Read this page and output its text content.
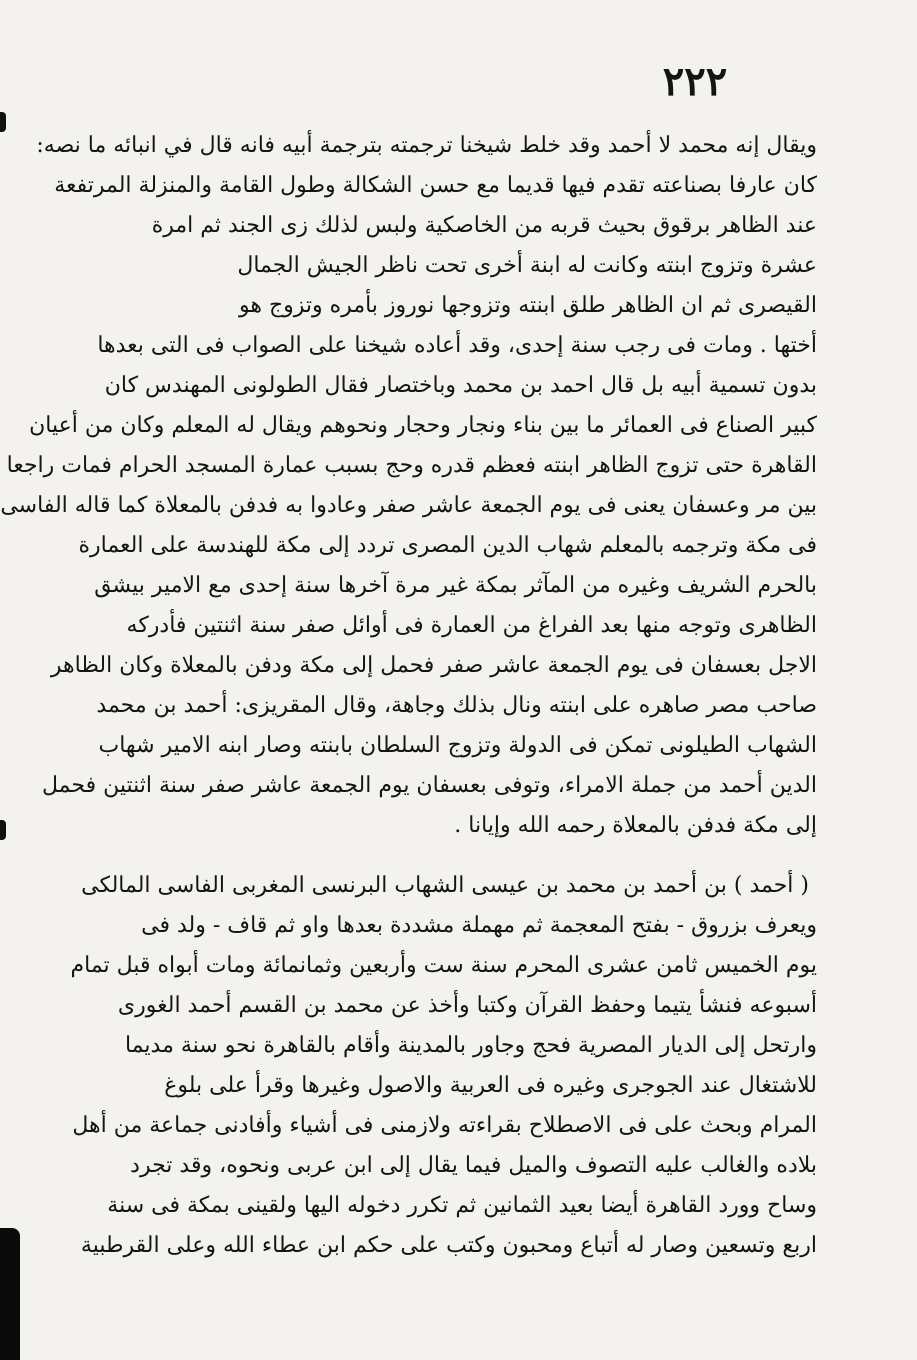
٢٢٢
ويقال إنه محمد لا أحمد وقد خلط شيخنا ترجمته بترجمة أبيه فانه قال في انبائه ما نصه:
كان عارفا بصناعته تقدم فيها قديما مع حسن الشكالة وطول القامة والمنزلة المرتفعة
عند الظاهر برقوق بحيث قربه من الخاصكية ولبس لذلك زى الجند ثم امرة
عشرة وتزوج ابنته وكانت له ابنة أخرى تحت ناظر الجيش الجمال
القيصرى ثم ان الظاهر طلق ابنته وتزوجها نوروز بأمره وتزوج هو
أختها . ومات فى رجب سنة إحدى، وقد أعاده شيخنا على الصواب فى التى بعدها
بدون تسمية أبيه بل قال احمد بن محمد وباختصار فقال الطولونى المهندس كان
كبير الصناع فى العمائر ما بين بناء ونجار وحجار ونحوهم ويقال له المعلم وكان من أعيان
القاهرة حتى تزوج الظاهر ابنته فعظم قدره وحج بسبب عمارة المسجد الحرام فمات راجعا
بين مر وعسفان يعنى فى يوم الجمعة عاشر صفر وعادوا به فدفن بالمعلاة كما قاله الفاسى
فى مكة وترجمه بالمعلم شهاب الدين المصرى تردد إلى مكة للهندسة على العمارة
بالحرم الشريف وغيره من المآثر بمكة غير مرة آخرها سنة إحدى مع الامير بيشق
الظاهرى وتوجه منها بعد الفراغ من العمارة فى أوائل صفر سنة اثنتين فأدركه
الاجل بعسفان فى يوم الجمعة عاشر صفر فحمل إلى مكة ودفن بالمعلاة وكان الظاهر
صاحب مصر صاهره على ابنته ونال بذلك وجاهة، وقال المقريزى: أحمد بن محمد
الشهاب الطيلونى تمكن فى الدولة وتزوج السلطان بابنته وصار ابنه الامير شهاب
الدين أحمد من جملة الامراء، وتوفى بعسفان يوم الجمعة عاشر صفر سنة اثنتين فحمل
إلى مكة فدفن بالمعلاة رحمه الله وإيانا .
( أحمد ) بن أحمد بن محمد بن عيسى الشهاب البرنسى المغربى الفاسى المالكى
ويعرف بزروق - بفتح المعجمة ثم مهملة مشددة بعدها واو ثم قاف - ولد فى
يوم الخميس ثامن عشرى المحرم سنة ست وأربعين وثمانمائة ومات أبواه قبل تمام
أسبوعه فنشأ يتيما وحفظ القرآن وكتبا وأخذ عن محمد بن القسم أحمد الغورى
وارتحل إلى الديار المصرية فحج وجاور بالمدينة وأقام بالقاهرة نحو سنة مديما
للاشتغال عند الجوجرى وغيره فى العربية والاصول وغيرها وقرأ على بلوغ
المرام وبحث على فى الاصطلاح بقراءته ولازمنى فى أشياء وأفادنى جماعة من أهل
بلاده والغالب عليه التصوف والميل فيما يقال إلى ابن عربى ونحوه، وقد تجرد
وساح وورد القاهرة أيضا بعيد الثمانين ثم تكرر دخوله اليها ولقينى بمكة فى سنة
اربع وتسعين وصار له أتباع ومحبون وكتب على حكم ابن عطاء الله وعلى القرطبية
